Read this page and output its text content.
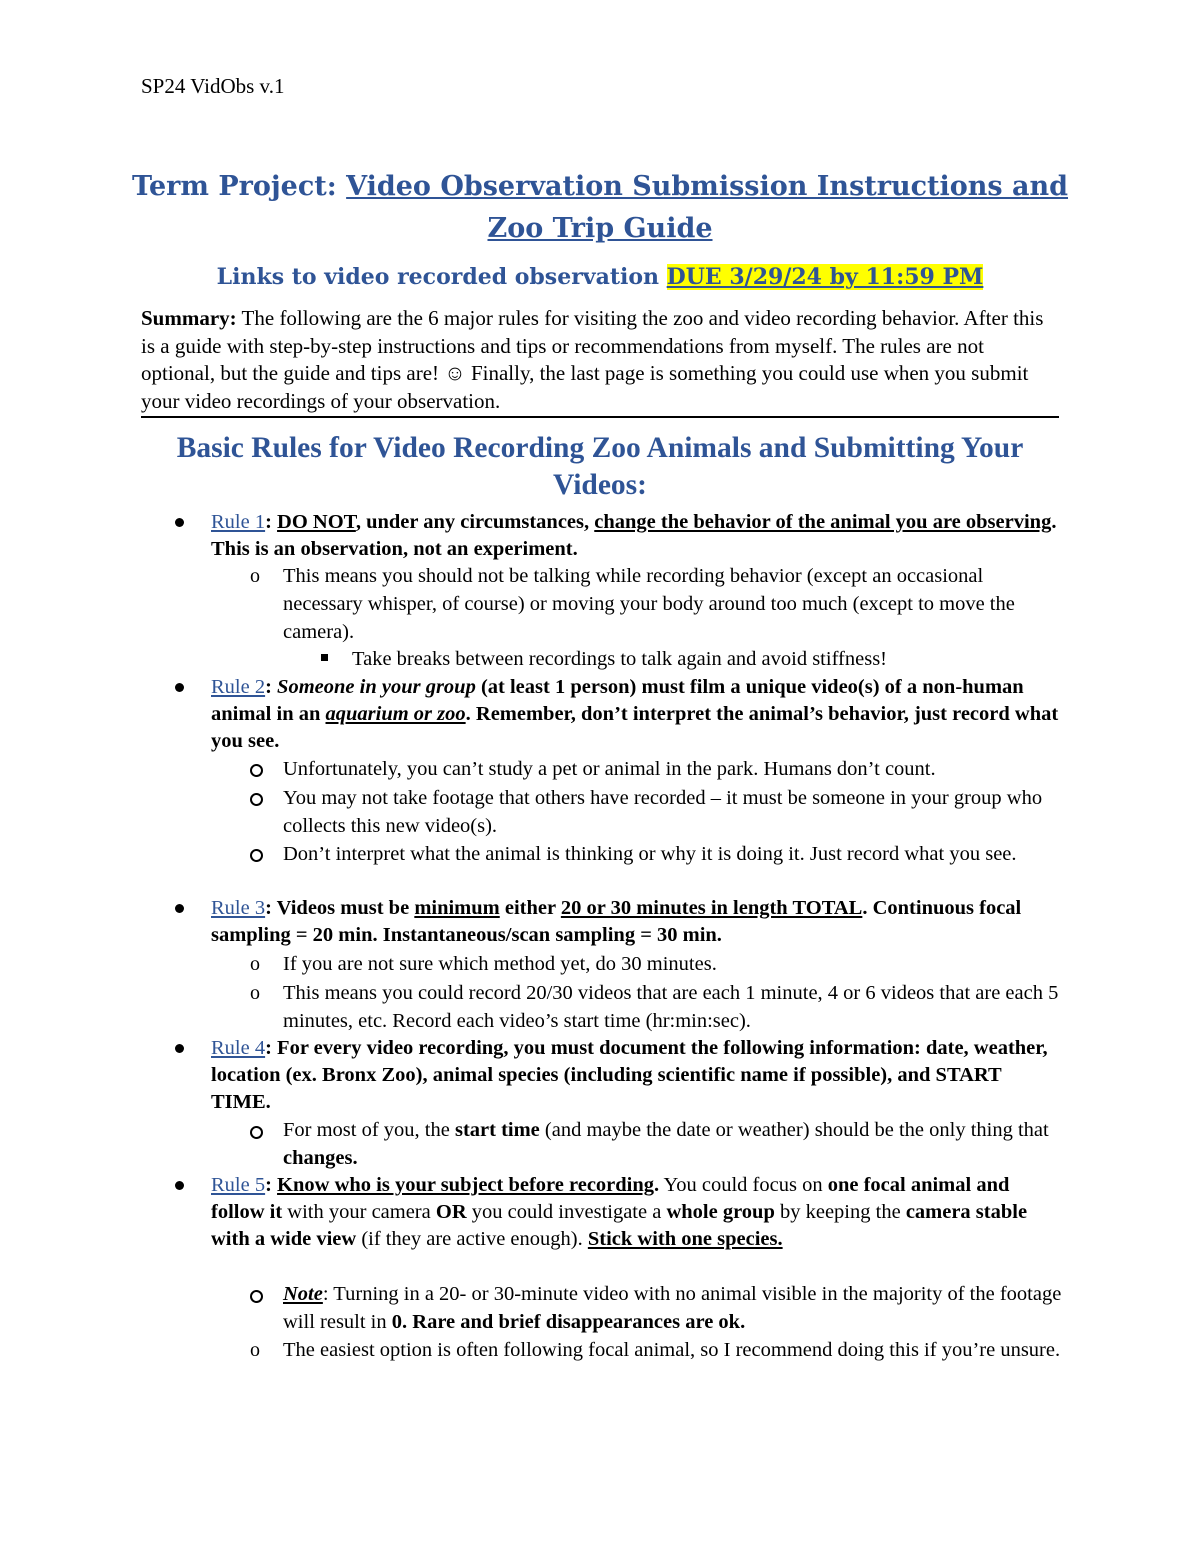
SP24 VidObs v.1
Term Project: Video Observation Submission Instructions and
Zoo Trip Guide
Links to video recorded observation DUE 3/29/24 by 11:59 PM
Summary: The following are the 6 major rules for visiting the zoo and video recording behavior. After this is a guide with step-by-step instructions and tips or recommendations from myself. The rules are not optional, but the guide and tips are! ☺ Finally, the last page is something you could use when you submit your video recordings of your observation.
Basic Rules for Video Recording Zoo Animals and Submitting Your
Videos:
Rule 1: DO NOT, under any circumstances, change the behavior of the animal you are observing. This is an observation, not an experiment.
o This means you should not be talking while recording behavior (except an occasional necessary whisper, of course) or moving your body around too much (except to move the camera).
Take breaks between recordings to talk again and avoid stiffness!
Rule 2: Someone in your group (at least 1 person) must film a unique video(s) of a non-human animal in an aquarium or zoo. Remember, don’t interpret the animal’s behavior, just record what you see.
Unfortunately, you can’t study a pet or animal in the park. Humans don’t count.
You may not take footage that others have recorded – it must be someone in your group who collects this new video(s).
Don’t interpret what the animal is thinking or why it is doing it. Just record what you see.
Rule 3: Videos must be minimum either 20 or 30 minutes in length TOTAL. Continuous focal sampling = 20 min. Instantaneous/scan sampling = 30 min.
o If you are not sure which method yet, do 30 minutes.
o This means you could record 20/30 videos that are each 1 minute, 4 or 6 videos that are each 5 minutes, etc. Record each video’s start time (hr:min:sec).
Rule 4: For every video recording, you must document the following information: date, weather, location (ex. Bronx Zoo), animal species (including scientific name if possible), and START TIME.
For most of you, the start time (and maybe the date or weather) should be the only thing that changes.
Rule 5: Know who is your subject before recording. You could focus on one focal animal and follow it with your camera OR you could investigate a whole group by keeping the camera stable with a wide view (if they are active enough). Stick with one species.
Note: Turning in a 20- or 30-minute video with no animal visible in the majority of the footage will result in 0. Rare and brief disappearances are ok.
o The easiest option is often following focal animal, so I recommend doing this if you’re unsure.
